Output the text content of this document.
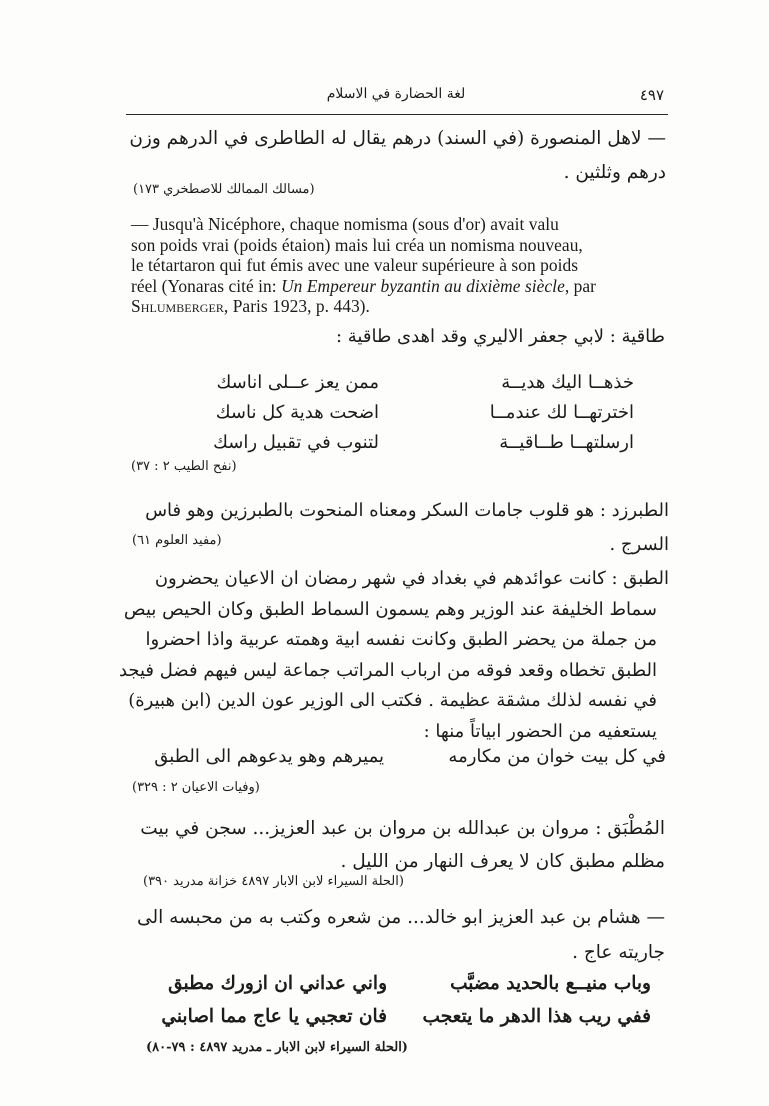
لغة الحضارة في الاسلام	٤٩٧
— لاهل المنصورة (في السند) درهم يقال له الطاطرى في الدرهم وزن درهم وثلثين .
(مسالك الممالك للاصطخري ١٧٣)
— Jusqu'à Nicéphore, chaque nomisma (sous d'or) avait valu
son poids vrai (poids étaion) mais lui créa un nomisma nouveau,
le tétartaron qui fut émis avec une valeur supérieure à son poids
réel (Yonaras cité in: Un Empereur byzantin au dixième siècle, par
Shlumberger, Paris 1923, p. 443).
طاقية : لابي جعفر الاليري وقد اهدى طاقية :
خذهــا اليك هديــة
ممن يعز عــلى اناسك
اخترتهــا لك عندمــا
اضحت هدية كل ناسك
ارسلتهــا طــاقيــة
لتنوب في تقبيل راسك
(نفح الطيب ٢ : ٣٧)
الطبرزد : هو قلوب جامات السكر ومعناه المنحوت بالطبرزين وهو فاس السرج .
(مفيد العلوم ٦١)
الطبق : كانت عوائدهم في بغداد في شهر رمضان ان الاعيان يحضرون
سماط الخليفة عند الوزير وهم يسمون السماط الطبق وكان الحيص بيص
من جملة من يحضر الطبق وكانت نفسه ابية وهمته عربية واذا احضروا
الطبق تخطاه وقعد فوقه من ارباب المراتب جماعة ليس فيهم فضل فيجد
في نفسه لذلك مشقة عظيمة . فكتب الى الوزير عون الدين (ابن هبيرة)
يستعفيه من الحضور ابياتاً منها :
في كل بيت خوان من مكارمه
يميرهم وهو يدعوهم الى الطبق
(وفيات الاعيان ٢ : ٣٢٩)
المُطْبَق : مروان بن عبدالله بن مروان بن عبد العزيز... سجن في بيت مظلم مطبق كان لا يعرف النهار من الليل .
(الحلة السيراء لابن الابار ٤٨٩٧ خزانة مدريد ٣٩٠)
— هشام بن عبد العزيز ابو خالد... من شعره وكتب به من محبسه الى جاريته عاج .
واني عداني ان ازورك مطبق	وباب منيــع بالحديد مضبَّب
فان تعجبي يا عاج مما اصابني ففي ريب هذا الدهر ما يتعجب
(الحلة السيراء لابن الابار ـ مدريد ٤٨٩٧ : ٧٩-٨٠)
